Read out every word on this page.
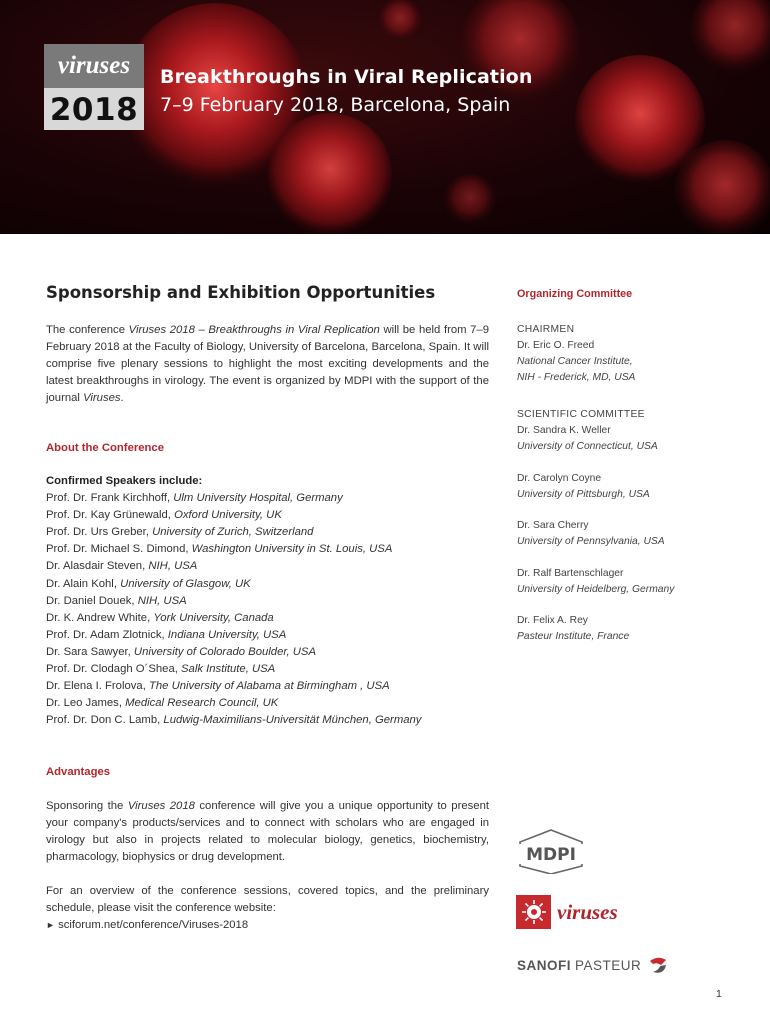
viruses
2018
Breakthroughs in Viral Replication
7–9 February 2018, Barcelona, Spain
Sponsorship and Exhibition Opportunities
The conference Viruses 2018 – Breakthroughs in Viral Replication will be held from 7–9 February 2018 at the Faculty of Biology, University of Barcelona, Barcelona, Spain. It will comprise five plenary sessions to highlight the most exciting developments and the latest breakthroughs in virology. The event is organized by MDPI with the support of the journal Viruses.
About the Conference
Confirmed Speakers include:
Prof. Dr. Frank Kirchhoff, Ulm University Hospital, Germany
Prof. Dr. Kay Grünewald, Oxford University, UK
Prof. Dr. Urs Greber, University of Zurich, Switzerland
Prof. Dr. Michael S. Dimond, Washington University in St. Louis, USA
Dr. Alasdair Steven, NIH, USA
Dr. Alain Kohl, University of Glasgow, UK
Dr. Daniel Douek, NIH, USA
Dr. K. Andrew White, York University, Canada
Prof. Dr. Adam Zlotnick, Indiana University, USA
Dr. Sara Sawyer, University of Colorado Boulder, USA
Prof. Dr. Clodagh O´Shea, Salk Institute, USA
Dr. Elena I. Frolova, The University of Alabama at Birmingham , USA
Dr. Leo James, Medical Research Council, UK
Prof. Dr. Don C. Lamb, Ludwig-Maximilians-Universität München, Germany
Advantages
Sponsoring the Viruses 2018 conference will give you a unique opportunity to present your company's products/services and to connect with scholars who are engaged in virology but also in projects related to molecular biology, genetics, biochemistry, pharmacology, biophysics or drug development.
For an overview of the conference sessions, covered topics, and the preliminary schedule, please visit the conference website:
► sciforum.net/conference/Viruses-2018
Organizing Committee
CHAIRMEN
Dr. Eric O. Freed
National Cancer Institute,
NIH - Frederick, MD, USA
SCIENTIFIC COMMITTEE
Dr. Sandra K. Weller
University of Connecticut, USA
Dr. Carolyn Coyne
University of Pittsburgh, USA
Dr. Sara Cherry
University of Pennsylvania, USA
Dr. Ralf Bartenschlager
University of Heidelberg, Germany
Dr. Felix A. Rey
Pasteur Institute, France
MDPI
viruses
SANOFI PASTEUR
1
